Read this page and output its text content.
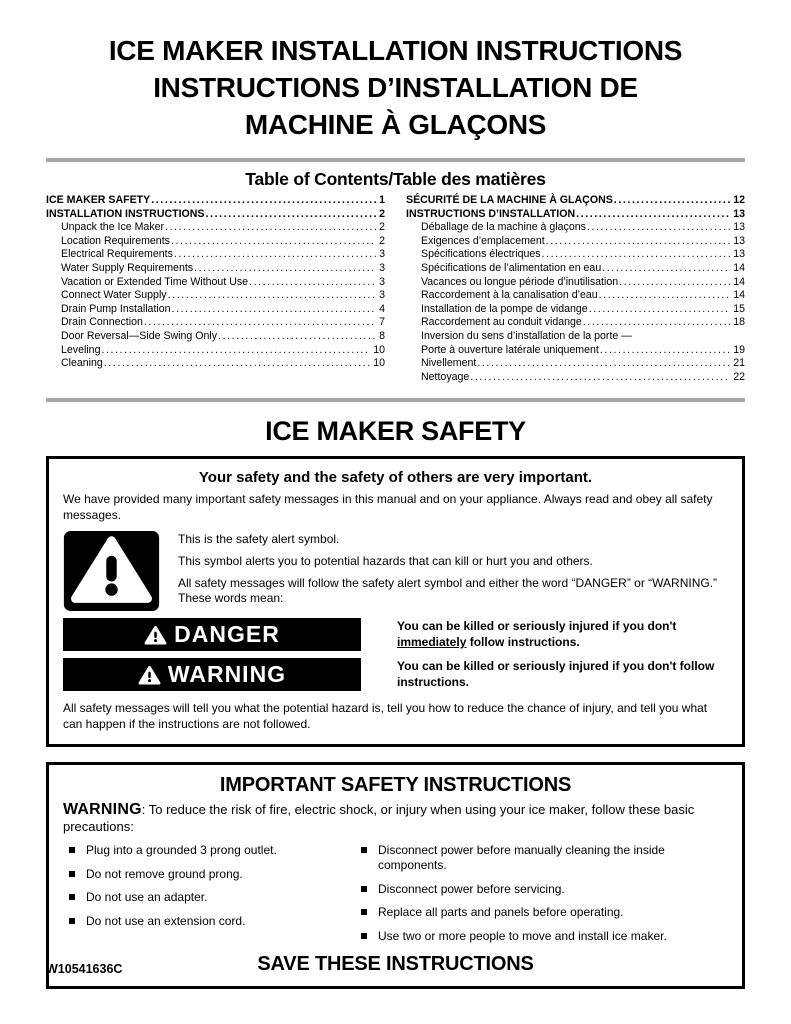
ICE MAKER INSTALLATION INSTRUCTIONS
INSTRUCTIONS D’INSTALLATION DE
MACHINE À GLAÇONS
Table of Contents/Table des matières
ICE MAKER SAFETY .....	1
INSTALLATION INSTRUCTIONS .....	2
Unpack the Ice Maker .....	2
Location Requirements .....	2
Electrical Requirements .....	3
Water Supply Requirements .....	3
Vacation or Extended Time Without Use .....	3
Connect Water Supply .....	3
Drain Pump Installation .....	4
Drain Connection .....	7
Door Reversal—Side Swing Only .....	8
Leveling .....	10
Cleaning .....	10
SÉCURITÉ DE LA MACHINE À GLAÇONS .....	12
INSTRUCTIONS D’INSTALLATION .....	13
Déballage de la machine à glaçons .....	13
Exigences d’emplacement .....	13
Spécifications électriques .....	13
Spécifications de l’alimentation en eau .....	14
Vacances ou longue période d’inutilisation .....	14
Raccordement à la canalisation d’eau .....	14
Installation de la pompe de vidange .....	15
Raccordement au conduit vidange .....	18
Inversion du sens d’installation de la porte —
Porte à ouverture latérale uniquement .....	19
Nivellement .....	21
Nettoyage .....	22
ICE MAKER SAFETY
Your safety and the safety of others are very important.

We have provided many important safety messages in this manual and on your appliance. Always read and obey all safety messages.

This is the safety alert symbol.

This symbol alerts you to potential hazards that can kill or hurt you and others.

All safety messages will follow the safety alert symbol and either the word “DANGER” or “WARNING.” These words mean:

DANGER	You can be killed or seriously injured if you don't immediately follow instructions.
WARNING	You can be killed or seriously injured if you don't follow instructions.

All safety messages will tell you what the potential hazard is, tell you how to reduce the chance of injury, and tell you what can happen if the instructions are not followed.

IMPORTANT SAFETY INSTRUCTIONS

WARNING: To reduce the risk of fire, electric shock, or injury when using your ice maker, follow these basic precautions:

Plug into a grounded 3 prong outlet.
Do not remove ground prong.
Do not use an adapter.
Do not use an extension cord.
Disconnect power before manually cleaning the inside components.
Disconnect power before servicing.
Replace all parts and panels before operating.
Use two or more people to move and install ice maker.
SAVE THESE INSTRUCTIONS
W10541636C
